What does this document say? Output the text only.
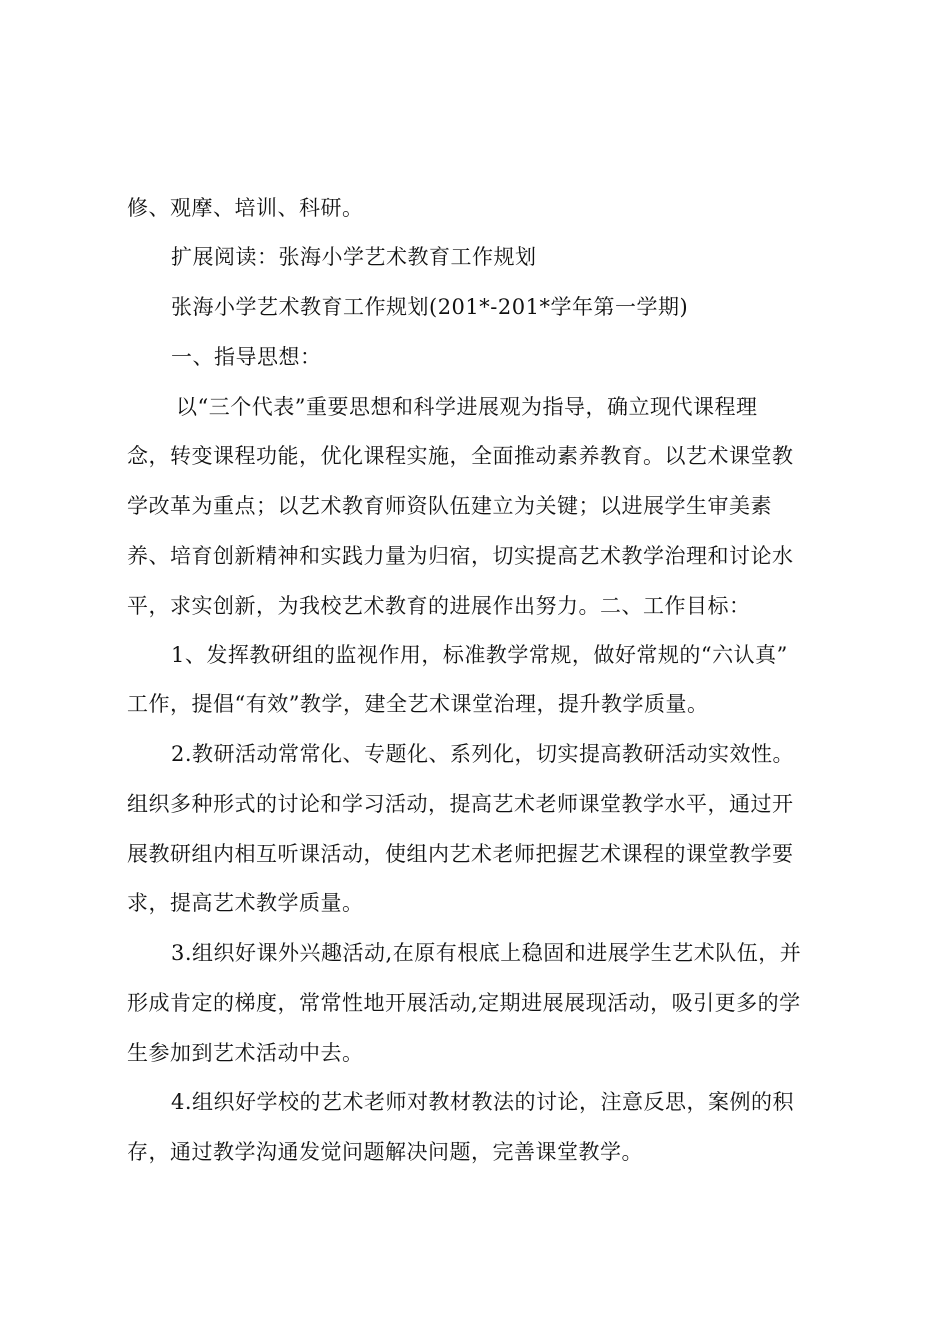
修、观摩、培训、科研。
扩展阅读：张海小学艺术教育工作规划
张海小学艺术教育工作规划(201*-201*学年第一学期)
一、指导思想：
以“三个代表”重要思想和科学进展观为指导，确立现代课程理
念，转变课程功能，优化课程实施，全面推动素养教育。以艺术课堂教
学改革为重点；以艺术教育师资队伍建立为关键；以进展学生审美素
养、培育创新精神和实践力量为归宿，切实提高艺术教学治理和讨论水
平，求实创新，为我校艺术教育的进展作出努力。二、工作目标：
1、发挥教研组的监视作用，标准教学常规，做好常规的“六认真”
工作，提倡“有效”教学，建全艺术课堂治理，提升教学质量。
2.教研活动常常化、专题化、系列化，切实提高教研活动实效性。
组织多种形式的讨论和学习活动，提高艺术老师课堂教学水平，通过开
展教研组内相互听课活动，使组内艺术老师把握艺术课程的课堂教学要
求，提高艺术教学质量。
3.组织好课外兴趣活动,在原有根底上稳固和进展学生艺术队伍，并
形成肯定的梯度，常常性地开展活动,定期进展展现活动，吸引更多的学
生参加到艺术活动中去。
4.组织好学校的艺术老师对教材教法的讨论，注意反思，案例的积
存，通过教学沟通发觉问题解决问题，完善课堂教学。
